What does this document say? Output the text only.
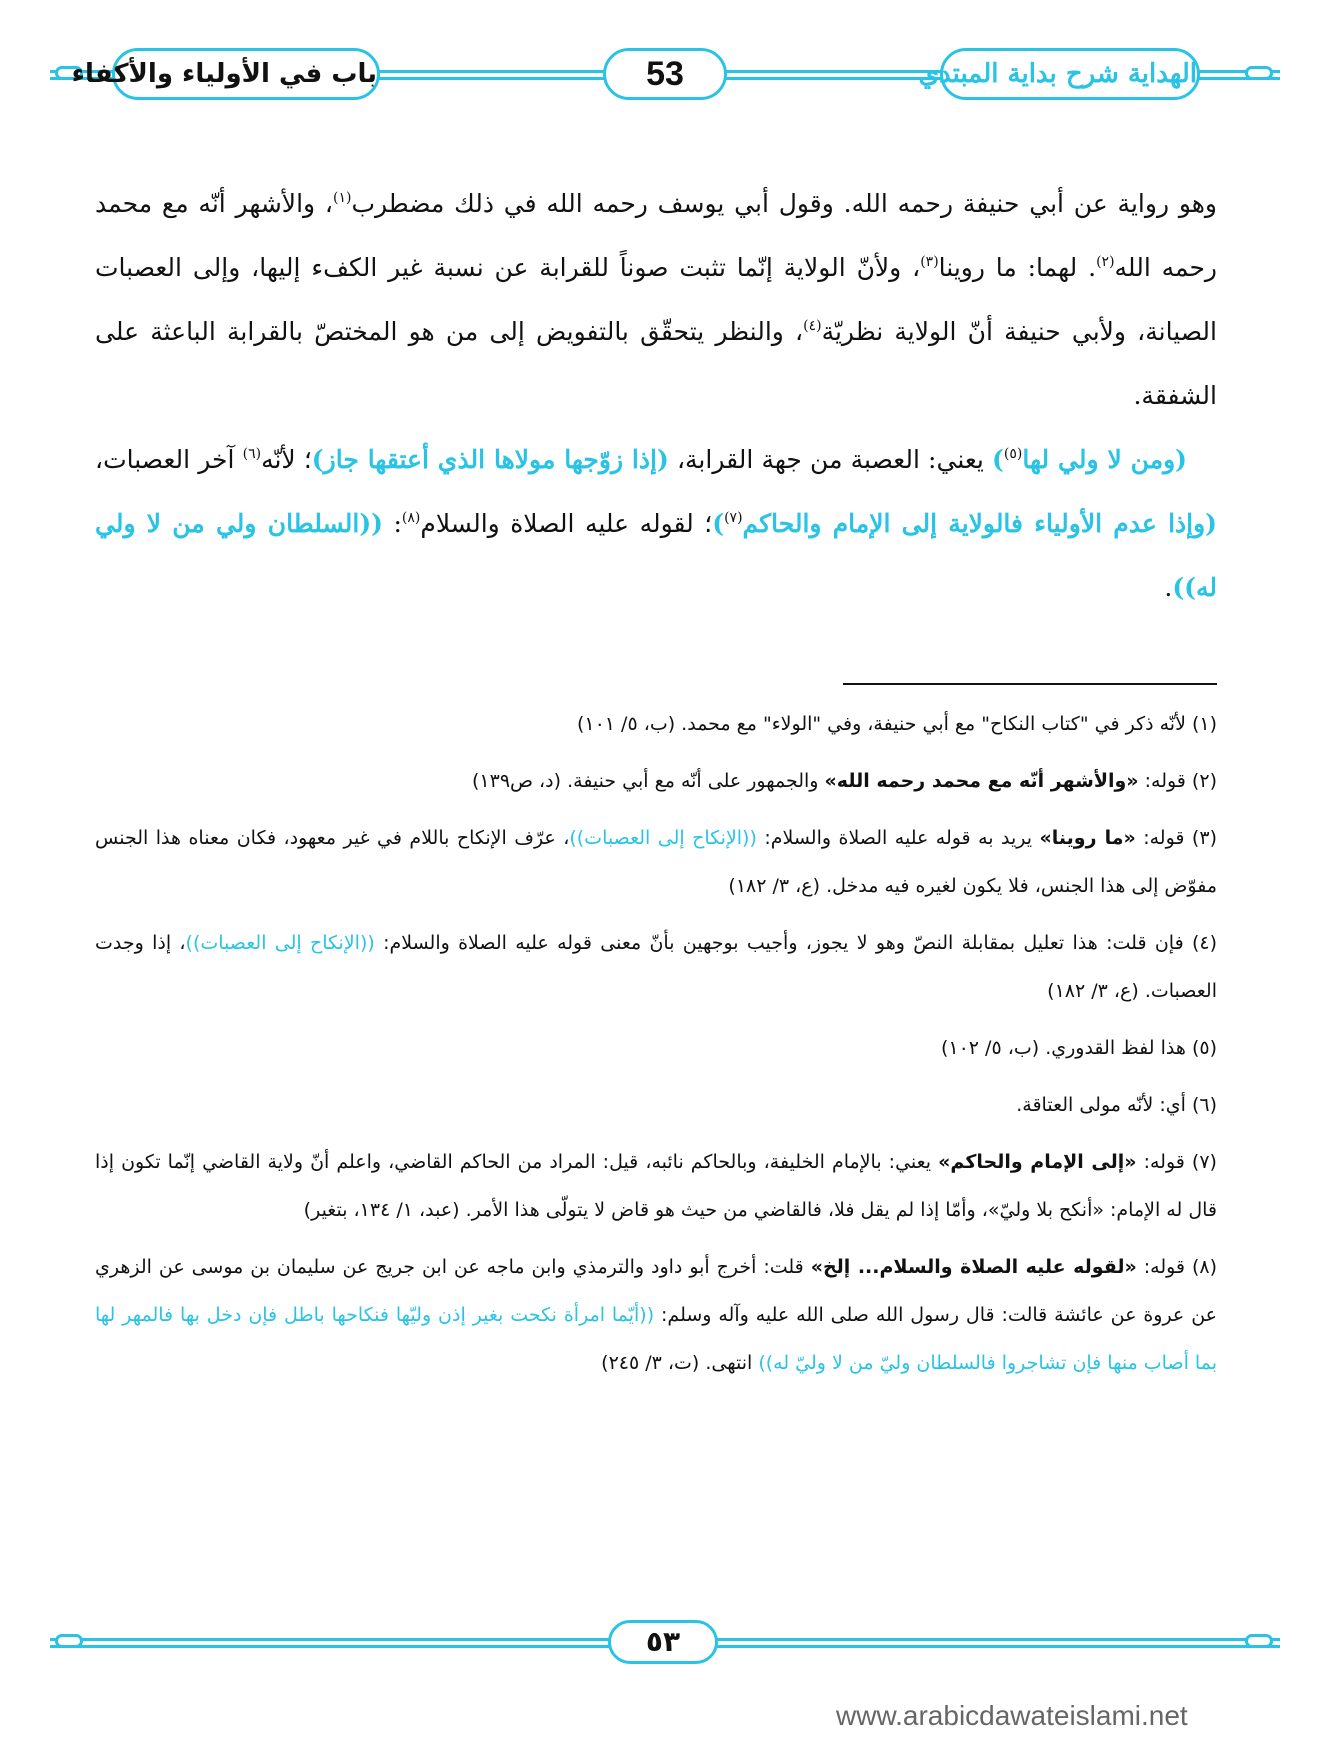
باب في الأولياء والأكفاء	53	الهداية شرح بداية المبتدي

وهو رواية عن أبي حنيفة رحمه الله. وقول أبي يوسف رحمه الله في ذلك مضطرب$^{(١)}$، والأشهر أنّه مع محمد رحمه الله$^{(٢)}$. لهما: ما روينا$^{(٣)}$، ولأنّ الولاية إنّما تثبت صوناً للقرابة عن نسبة غير الكفء إليها، وإلى العصبات الصيانة، ولأبي حنيفة أنّ الولاية نظريّة$^{(٤)}$، والنظر يتحقّق بالتفويض إلى من هو المختصّ بالقرابة الباعثة على الشفقة.

(ومن لا ولي لها$^{(٥)}$) يعني: العصبة من جهة القرابة، (إذا زوّجها مولاها الذي أعتقها جاز)؛ لأنّه$^{(٦)}$ آخر العصبات، (وإذا عدم الأولياء فالولاية إلى الإمام والحاكم$^{(٧)}$)؛ لقوله عليه الصلاة والسلام$^{(٨)}$: ((السلطان ولي من لا ولي له)).

(١) لأنّه ذكر في "كتاب النكاح" مع أبي حنيفة، وفي "الولاء" مع محمد. (ب، ٥/ ١٠١)

(٢) قوله: «والأشهر أنّه مع محمد رحمه الله» والجمهور على أنّه مع أبي حنيفة. (د، ص١٣٩)

(٣) قوله: «ما روينا» يريد به قوله عليه الصلاة والسلام: ((الإنكاح إلى العصبات))، عرّف الإنكاح باللام في غير معهود، فكان معناه هذا الجنس مفوّض إلى هذا الجنس، فلا يكون لغيره فيه مدخل. (ع، ٣/ ١٨٢)

(٤) فإن قلت: هذا تعليل بمقابلة النصّ وهو لا يجوز، وأجيب بوجهين بأنّ معنى قوله عليه الصلاة والسلام: ((الإنكاح إلى العصبات))، إذا وجدت العصبات. (ع، ٣/ ١٨٢)

(٥) هذا لفظ القدوري. (ب، ٥/ ١٠٢)

(٦) أي: لأنّه مولى العتاقة.

(٧) قوله: «إلى الإمام والحاكم» يعني: بالإمام الخليفة، وبالحاكم نائبه، قيل: المراد من الحاكم القاضي، واعلم أنّ ولاية القاضي إنّما تكون إذا قال له الإمام: «أنكح بلا وليّ»، وأمّا إذا لم يقل فلا، فالقاضي من حيث هو قاض لا يتولّى هذا الأمر. (عبد، ١/ ١٣٤، بتغير)

(٨) قوله: «لقوله عليه الصلاة والسلام... إلخ» قلت: أخرج أبو داود والترمذي وابن ماجه عن ابن جريج عن سليمان بن موسى عن الزهري عن عروة عن عائشة قالت: قال رسول الله صلى الله عليه وآله وسلم: ((أيّما امرأة نكحت بغير إذن وليّها فنكاحها باطل فإن دخل بها فالمهر لها بما أصاب منها فإن تشاجروا فالسلطان وليّ من لا وليّ له)) انتهى. (ت، ٣/ ٢٤٥)

٥٣
www.arabicdawateislami.net
